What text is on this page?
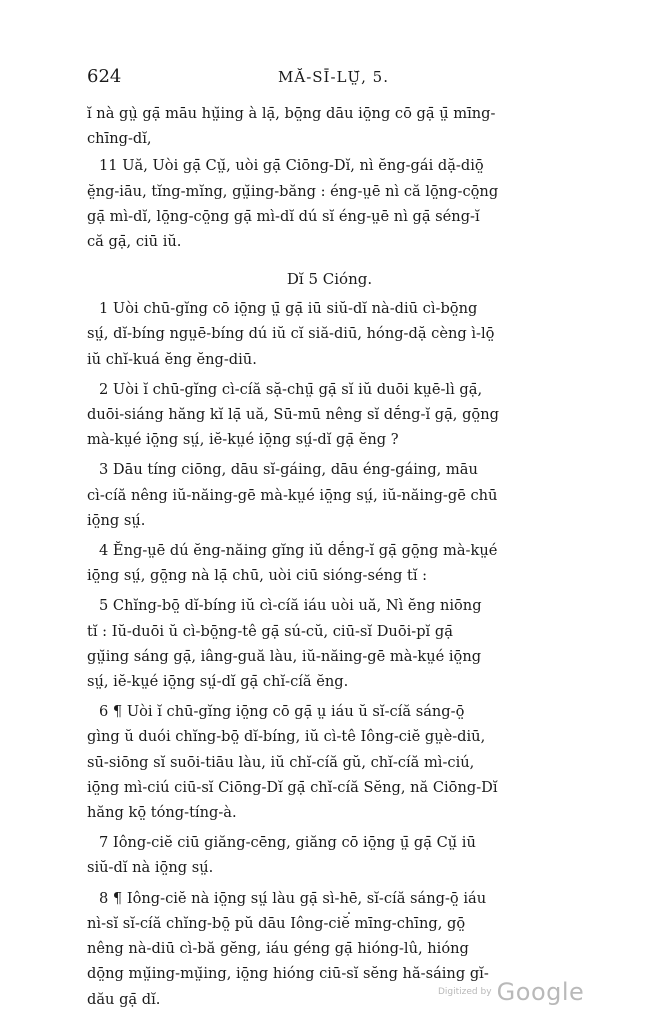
624	MĂ-SĪ-LṲ̆, 5.

ĭ nà gṳ̀ gạ̄ māu hṳ̆ing à lạ̄, bō̤ng dāu iō̤ng cō gạ̄ ṳ̄ mīng-
chīng-dĭ,

11 Uă, Uòi gạ̄ Cṳ̆, uòi gạ̄ Ciōng-Dĭ, nì ĕng-gái dặ-diō̤
ĕ̤ng-iāu, tĭng-mĭng, gṳ̆ing-băng : éng-ṳē nì că lō̤ng-cō̤ng
gạ̄ mì-dĭ, lō̤ng-cō̤ng gạ̄ mì-dĭ dú sĭ éng-ṳē nì gạ̄ séng-ĭ
că gạ̄, ciū iŭ.

Dĭ 5 Cióng.

1 Uòi chū-gĭng cō iō̤ng ṳ̄ gạ̄ iū siŭ-dĭ nà-diū cì-bō̤ng
sṳ́, dĭ-bíng ngṳē-bíng dú iŭ cĭ siă-diū, hóng-dặ cèng ì-lō̤
iŭ chĭ-kuá ĕng ĕng-diū.

2 Uòi ĭ chū-gĭng cì-cíă sặ-chṳ̄ gạ̄ sĭ iŭ duōi kṳē-lì gạ̄,
duōi-siáng hăng kĭ lạ̄ uă, Sū-mū nêng sĭ dḗng-ĭ gạ̄, gō̤ng
mà-kṳé iō̤ng sṳ́, iĕ-kṳé iō̤ng sṳ́-dĭ gạ̄ ĕng ?

3 Dāu tíng ciōng, dāu sĭ-gáing, dāu éng-gáing, māu
cì-cíă nêng iŭ-năing-gē mà-kṳé iō̤ng sṳ́, iŭ-năing-gē chū
iō̤ng sṳ́.

4 Ĕng-ṳē dú ĕng-năing gĭng iŭ dḗng-ĭ gạ̄ gō̤ng mà-kṳé
iō̤ng sṳ́, gō̤ng nà lạ̄ chū, uòi ciū sióng-séng tĭ :

5 Chĭng-bō̤ dĭ-bíng iŭ cì-cíă iáu uòi uă, Nì ĕng niōng
tĭ : Iŭ-duōi ŭ cì-bō̤ng-tê gạ̄ sú-cŭ, ciū-sĭ Duōi-pĭ gạ̄
gṳ̆ing sáng gạ̄, iâng-guă làu, iŭ-năing-gē mà-kṳé iō̤ng
sṳ́, iĕ-kṳé iō̤ng sṳ́-dĭ gạ̄ chĭ-cíă ĕng.

6 ¶ Uòi ĭ chū-gĭng iō̤ng cō gạ̄ ṳ iáu ŭ sĭ-cíă sáng-ō̤
gìng ŭ duói chĭng-bō̤ dĭ-bíng, iŭ cì-tê Iông-ciĕ gṳè-diū,
sū-siōng sĭ suōi-tiāu làu, iŭ chĭ-cíă gŭ, chĭ-cíă mì-ciú,
iō̤ng mì-ciú ciū-sĭ Ciōng-Dĭ gạ̄ chĭ-cíă Sĕng, nă Ciōng-Dĭ
hăng kō̤ tóng-tíng-à.

7 Iông-ciĕ ciū giăng-cēng, giăng cō iō̤ng ṳ̄ gạ̄ Cṳ̆ iū
siŭ-dĭ nà iō̤ng sṳ́.

8 ¶ Iông-ciĕ nà iō̤ng sṳ́ làu gạ̄ sì-hē, sĭ-cíă sáng-ō̤ iáu
nì-sĭ sĭ-cíă chĭng-bō̤ pŭ dāu Iông-ciĕ mīng-chīng, gō̤
nêng nà-diū cì-bă gĕng, iáu géng gạ̄ hióng-lû, hióng
dō̤ng mṳ̆ing-mṳ̆ing, iō̤ng hióng ciū-sĭ sĕng hă-sáing gĭ-
dău gạ̄ dĭ.	Digitized by Google
